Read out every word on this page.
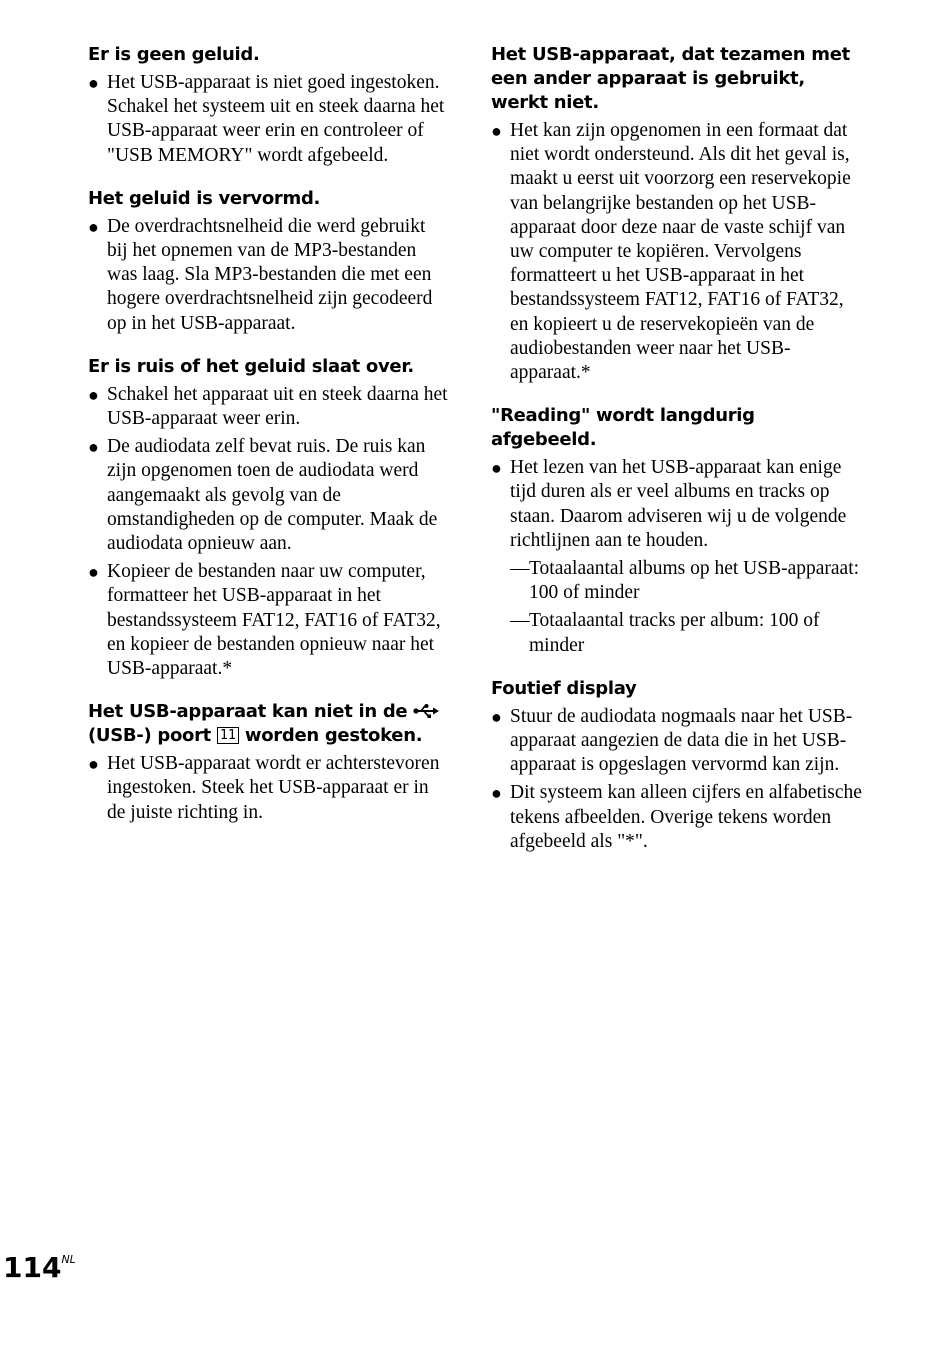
Er is geen geluid.
● Het USB-apparaat is niet goed ingestoken. Schakel het systeem uit en steek daarna het USB-apparaat weer erin en controleer of "USB MEMORY" wordt afgebeeld.
Het geluid is vervormd.
● De overdrachtsnelheid die werd gebruikt bij het opnemen van de MP3-bestanden was laag. Sla MP3-bestanden die met een hogere overdrachtsnelheid zijn gecodeerd op in het USB-apparaat.
Er is ruis of het geluid slaat over.
● Schakel het apparaat uit en steek daarna het USB-apparaat weer erin.
● De audiodata zelf bevat ruis. De ruis kan zijn opgenomen toen de audiodata werd aangemaakt als gevolg van de omstandigheden op de computer. Maak de audiodata opnieuw aan.
● Kopieer de bestanden naar uw computer, formatteer het USB-apparaat in het bestandssysteem FAT12, FAT16 of FAT32, en kopieer de bestanden opnieuw naar het USB-apparaat.*
Het USB-apparaat kan niet in de
(USB-) poort 11 worden gestoken.
● Het USB-apparaat wordt er achterstevoren ingestoken. Steek het USB-apparaat er in de juiste richting in.
Het USB-apparaat, dat tezamen met een ander apparaat is gebruikt, werkt niet.
● Het kan zijn opgenomen in een formaat dat niet wordt ondersteund. Als dit het geval is, maakt u eerst uit voorzorg een reservekopie van belangrijke bestanden op het USB-apparaat door deze naar de vaste schijf van uw computer te kopiëren. Vervolgens formatteert u het USB-apparaat in het bestandssysteem FAT12, FAT16 of FAT32, en kopieert u de reservekopieën van de audiobestanden weer naar het USB-apparaat.*
"Reading" wordt langdurig afgebeeld.
● Het lezen van het USB-apparaat kan enige tijd duren als er veel albums en tracks op staan. Daarom adviseren wij u de volgende richtlijnen aan te houden.
— Totaalaantal albums op het USB-apparaat: 100 of minder
— Totaalaantal tracks per album: 100 of minder
Foutief display
● Stuur de audiodata nogmaals naar het USB-apparaat aangezien de data die in het USB-apparaat is opgeslagen vervormd kan zijn.
● Dit systeem kan alleen cijfers en alfabetische tekens afbeelden. Overige tekens worden afgebeeld als "*".
$114^{NL}$
